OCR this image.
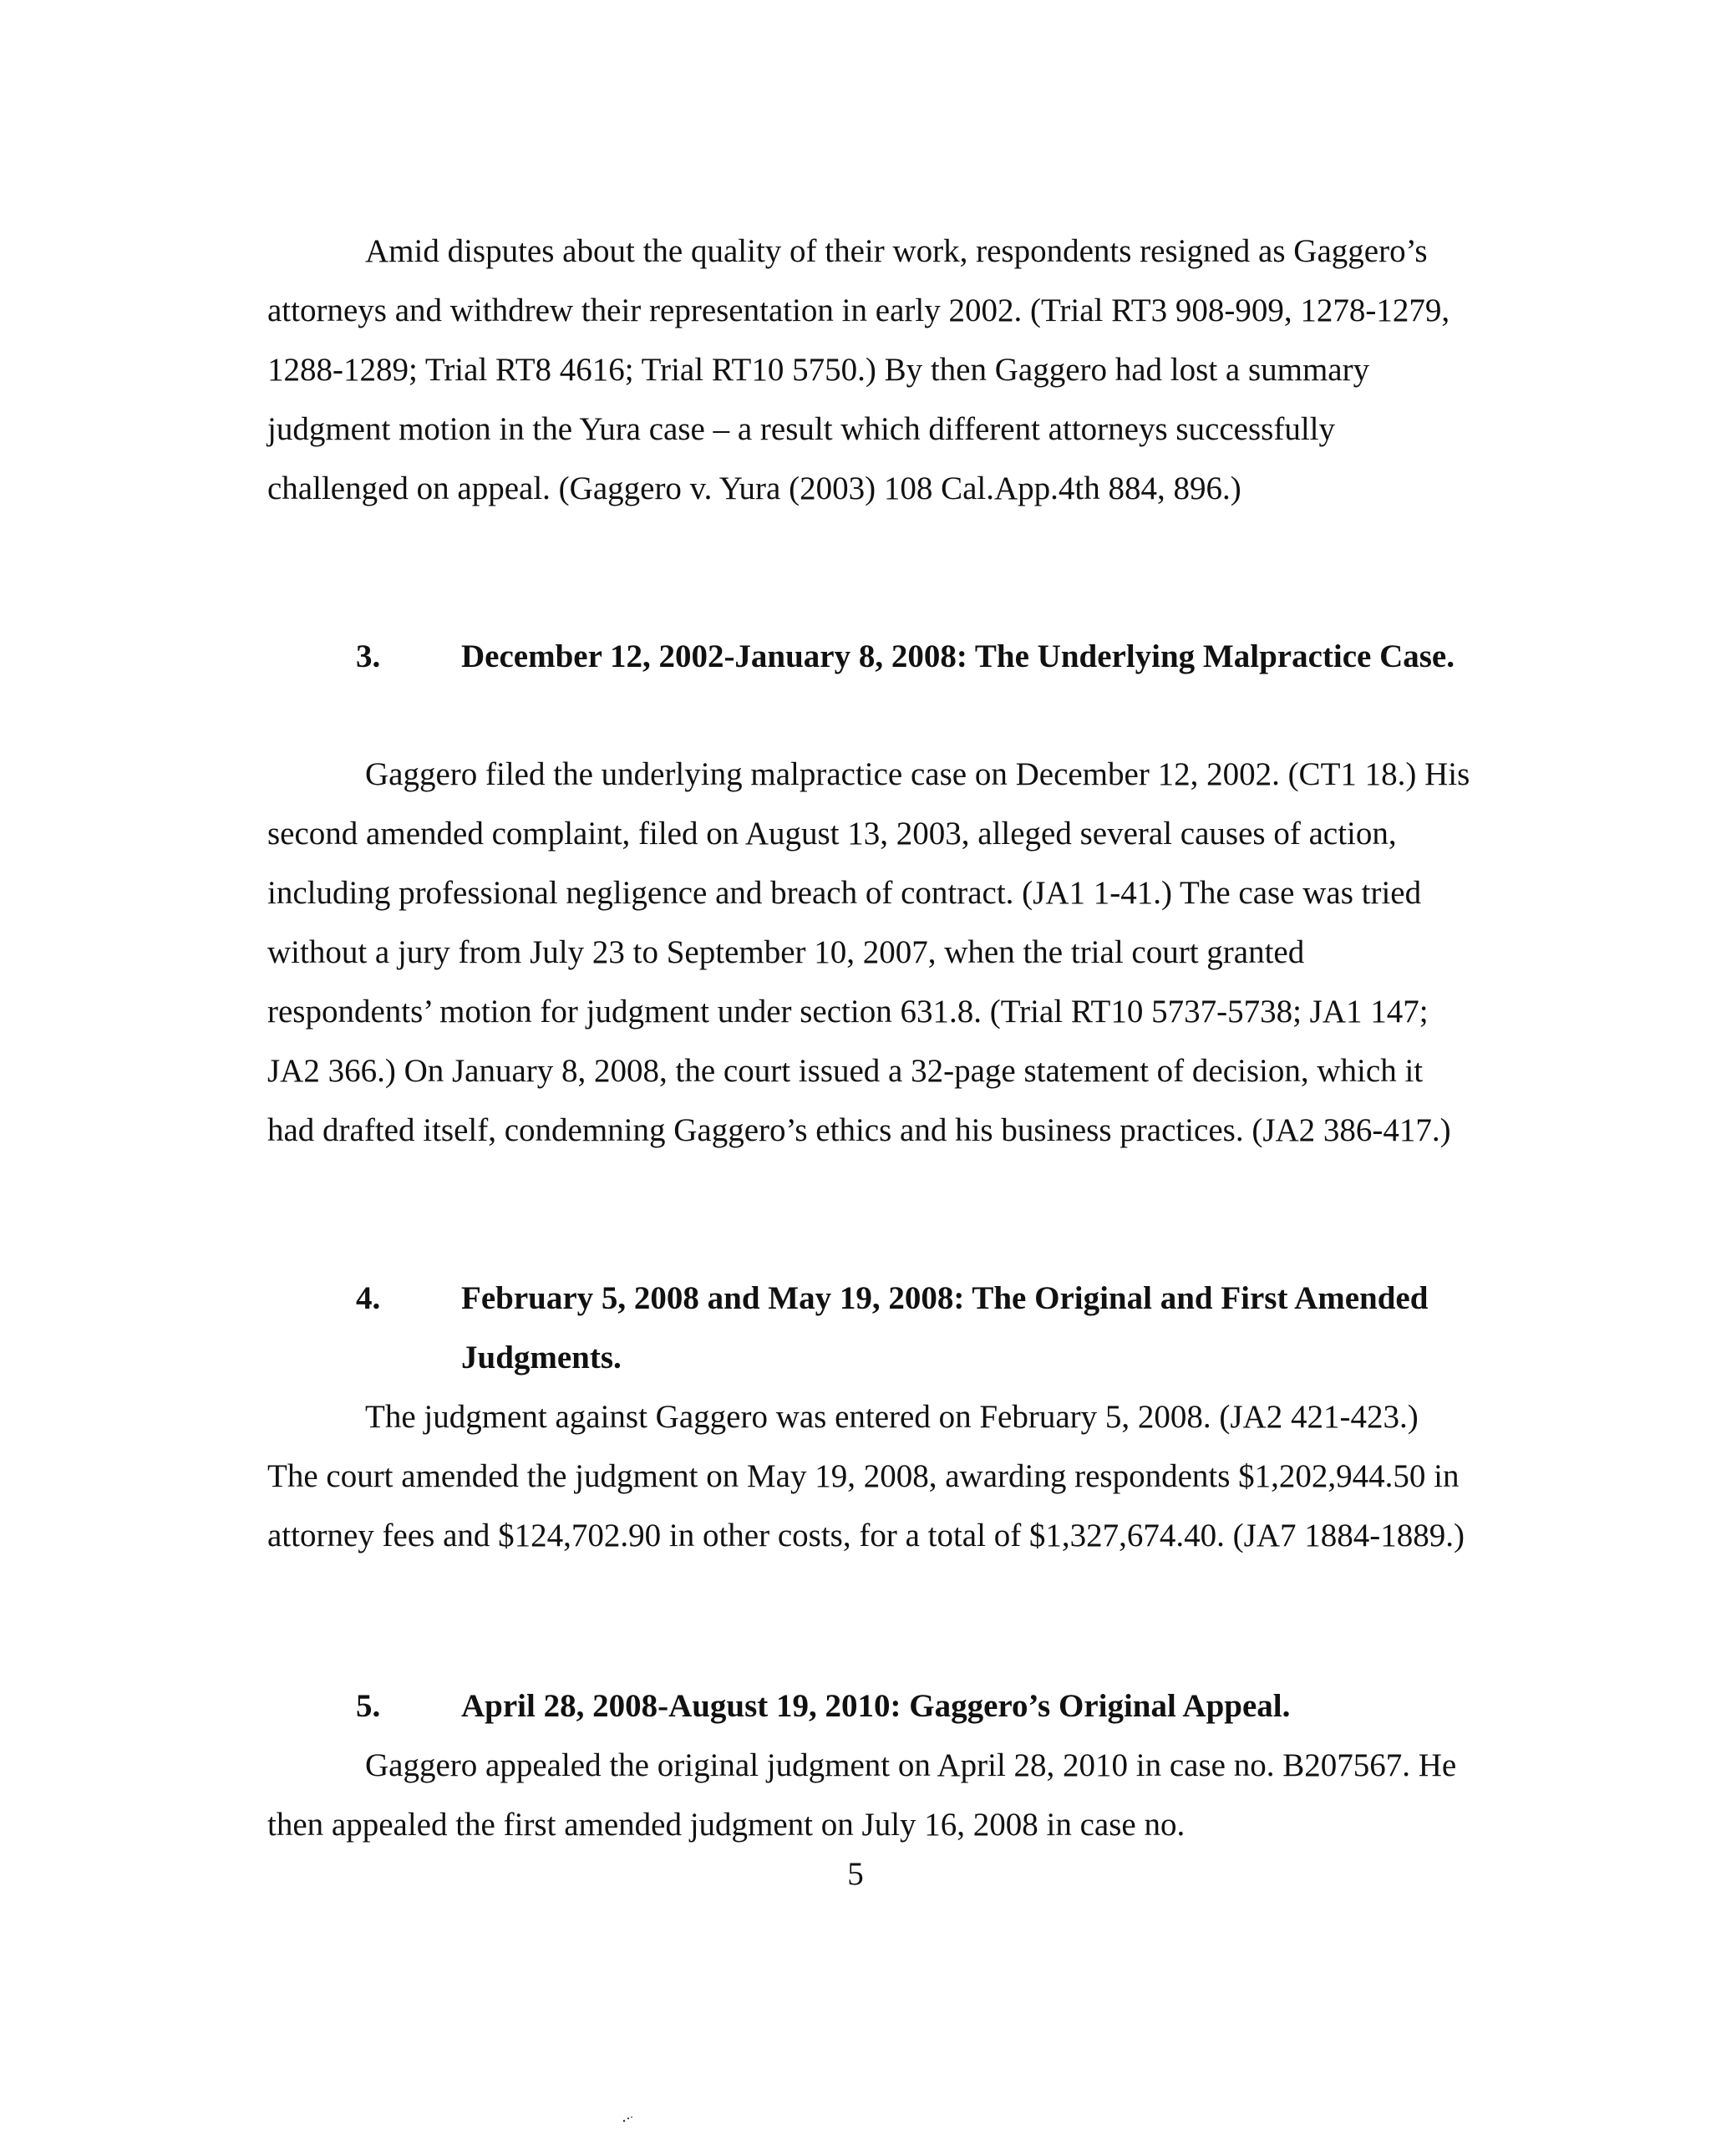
Amid disputes about the quality of their work, respondents resigned as Gaggero’s attorneys and withdrew their representation in early 2002. (Trial RT3 908-909, 1278-1279, 1288-1289; Trial RT8 4616; Trial RT10 5750.) By then Gaggero had lost a summary judgment motion in the Yura case – a result which different attorneys successfully challenged on appeal. (Gaggero v. Yura (2003) 108 Cal.App.4th 884, 896.)

3. December 12, 2002-January 8, 2008: The Underlying Malpractice Case.

Gaggero filed the underlying malpractice case on December 12, 2002. (CT1 18.) His second amended complaint, filed on August 13, 2003, alleged several causes of action, including professional negligence and breach of contract. (JA1 1-41.) The case was tried without a jury from July 23 to September 10, 2007, when the trial court granted respondents’ motion for judgment under section 631.8. (Trial RT10 5737-5738; JA1 147; JA2 366.) On January 8, 2008, the court issued a 32-page statement of decision, which it had drafted itself, condemning Gaggero’s ethics and his business practices. (JA2 386-417.)

4. February 5, 2008 and May 19, 2008: The Original and First Amended Judgments.

The judgment against Gaggero was entered on February 5, 2008. (JA2 421-423.) The court amended the judgment on May 19, 2008, awarding respondents $1,202,944.50 in attorney fees and $124,702.90 in other costs, for a total of $1,327,674.40. (JA7 1884-1889.)

5. April 28, 2008-August 19, 2010: Gaggero’s Original Appeal.

Gaggero appealed the original judgment on April 28, 2010 in case no. B207567. He then appealed the first amended judgment on July 16, 2008 in case no.

5
